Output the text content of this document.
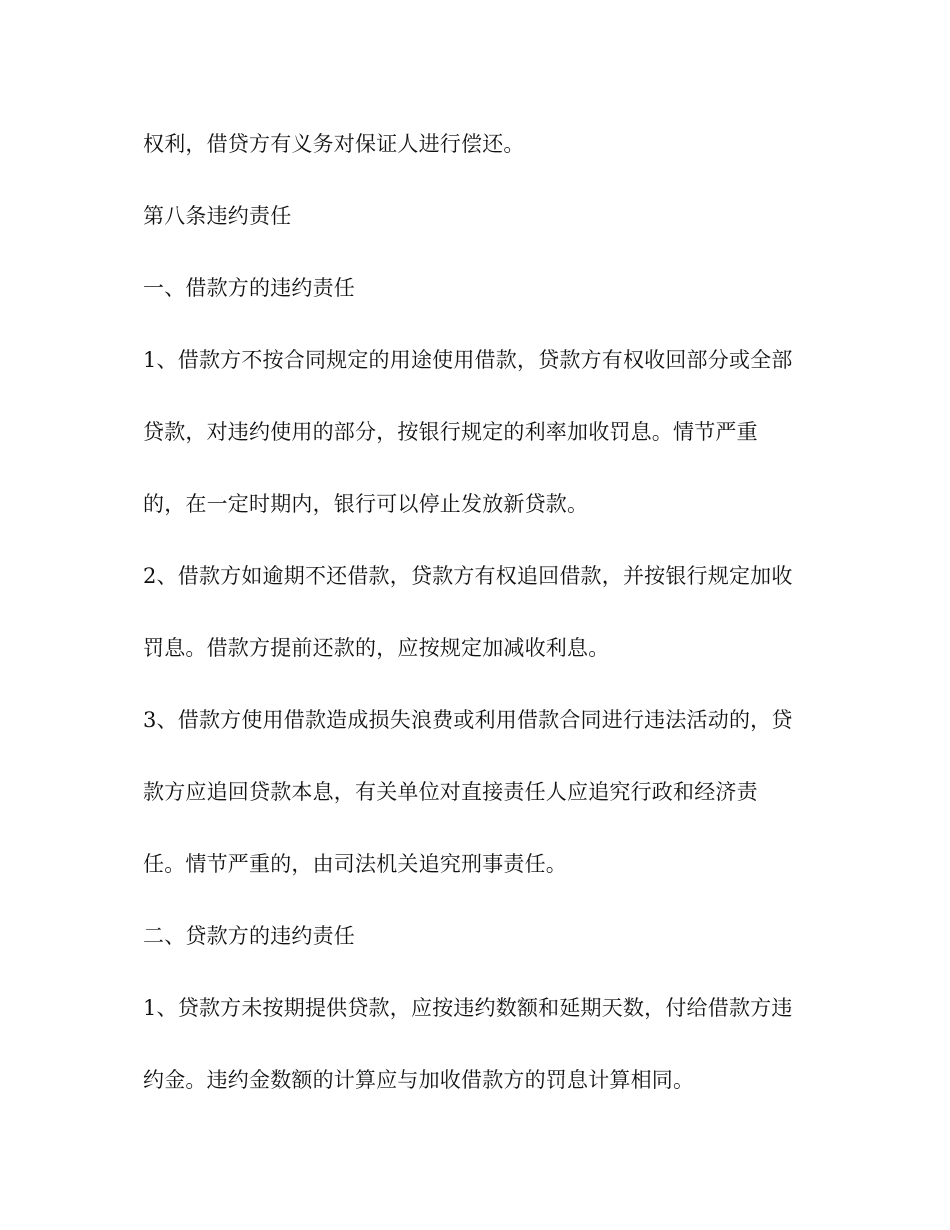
权利，借贷方有义务对保证人进行偿还。
第八条违约责任
一、借款方的违约责任
1、借款方不按合同规定的用途使用借款，贷款方有权收回部分或全部
贷款，对违约使用的部分，按银行规定的利率加收罚息。情节严重
的，在一定时期内，银行可以停止发放新贷款。
2、借款方如逾期不还借款，贷款方有权追回借款，并按银行规定加收
罚息。借款方提前还款的，应按规定加减收利息。
3、借款方使用借款造成损失浪费或利用借款合同进行违法活动的，贷
款方应追回贷款本息，有关单位对直接责任人应追究行政和经济责
任。情节严重的，由司法机关追究刑事责任。
二、贷款方的违约责任
1、贷款方未按期提供贷款，应按违约数额和延期天数，付给借款方违
约金。违约金数额的计算应与加收借款方的罚息计算相同。
